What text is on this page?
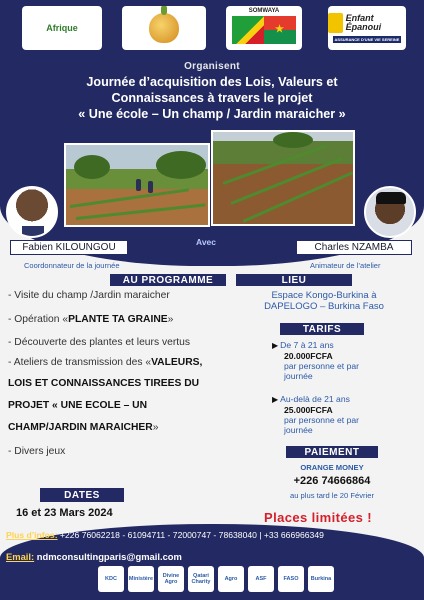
Afrique
SOMWAYA
★
Enfant Épanoui
ASSURANCE D'UNE VIE SEREINE
Organisent
Journée d’acquisition des Lois, Valeurs et
Connaissances à travers le projet
« Une école – Un champ / Jardin maraicher »
Avec
Fabien KILOUNGOU	Charles NZAMBA
Coordonnateur de la journée	Animateur de l’atelier
AU PROGRAMME	LIEU
- Visite du champ /Jardin maraicher
- Opération «PLANTE TA GRAINE»
- Découverte des plantes et leurs vertus
- Ateliers de transmission des «VALEURS,
LOIS ET CONNAISSANCES TIREES DU
PROJET « UNE ECOLE – UN
CHAMP/JARDIN MARAICHER»
- Divers jeux
Espace Kongo-Burkina à
DAPELOGO – Burkina Faso
TARIFS
▶ De 7 à 21 ans
20.000FCFA
par personne et par
journée
▶ Au-delà de 21 ans
25.000FCFA
par personne et par
journée
PAIEMENT
ORANGE MONEY
+226 74666864
au plus tard le 20 Février
DATES
16 et 23 Mars 2024	Places limitées !
Plus d’infos: +226 76062218 - 61094711 - 72000747 - 78638040 | +33 666966349
Email: ndmconsultingparis@gmail.com
KDC	Ministère	Divine Agro
Qatari Charity	Agro	ASF	FASO	Burkina
